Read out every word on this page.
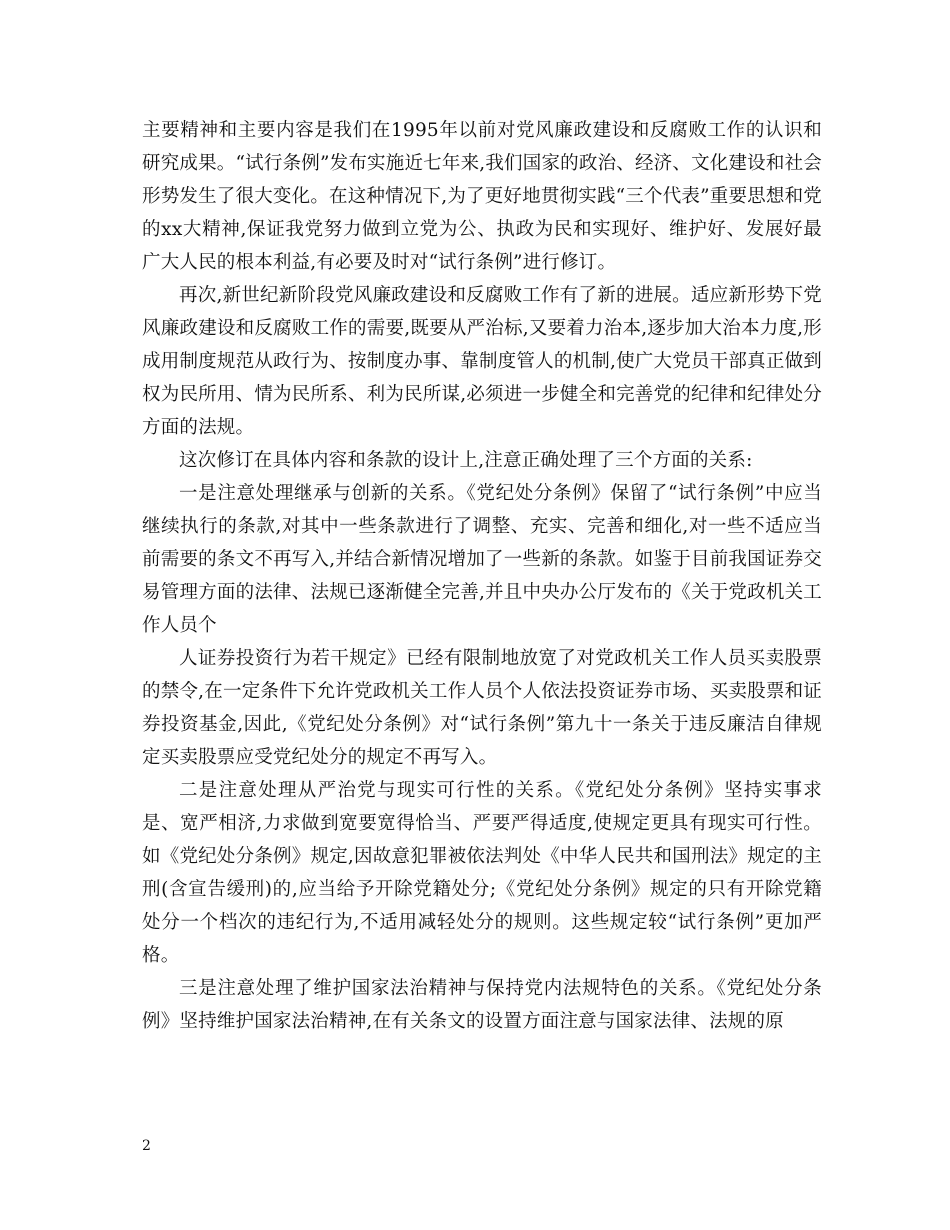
主要精神和主要内容是我们在1995年以前对党风廉政建设和反腐败工作的认识和研究成果。“试行条例”发布实施近七年来,我们国家的政治、经济、文化建设和社会形势发生了很大变化。在这种情况下,为了更好地贯彻实践“三个代表”重要思想和党的xx大精神,保证我党努力做到立党为公、执政为民和实现好、维护好、发展好最广大人民的根本利益,有必要及时对“试行条例”进行修订。

再次,新世纪新阶段党风廉政建设和反腐败工作有了新的进展。适应新形势下党风廉政建设和反腐败工作的需要,既要从严治标,又要着力治本,逐步加大治本力度,形成用制度规范从政行为、按制度办事、靠制度管人的机制,使广大党员干部真正做到权为民所用、情为民所系、利为民所谋,必须进一步健全和完善党的纪律和纪律处分方面的法规。

这次修订在具体内容和条款的设计上,注意正确处理了三个方面的关系:

一是注意处理继承与创新的关系。《党纪处分条例》保留了“试行条例”中应当继续执行的条款,对其中一些条款进行了调整、充实、完善和细化,对一些不适应当前需要的条文不再写入,并结合新情况增加了一些新的条款。如鉴于目前我国证券交易管理方面的法律、法规已逐渐健全完善,并且中央办公厅发布的《关于党政机关工作人员个

人证券投资行为若干规定》已经有限制地放宽了对党政机关工作人员买卖股票的禁令,在一定条件下允许党政机关工作人员个人依法投资证券市场、买卖股票和证券投资基金,因此,《党纪处分条例》对“试行条例”第九十一条关于违反廉洁自律规定买卖股票应受党纪处分的规定不再写入。

二是注意处理从严治党与现实可行性的关系。《党纪处分条例》坚持实事求是、宽严相济,力求做到宽要宽得恰当、严要严得适度,使规定更具有现实可行性。如《党纪处分条例》规定,因故意犯罪被依法判处《中华人民共和国刑法》规定的主刑(含宣告缓刑)的,应当给予开除党籍处分;《党纪处分条例》规定的只有开除党籍处分一个档次的违纪行为,不适用减轻处分的规则。这些规定较“试行条例”更加严格。

三是注意处理了维护国家法治精神与保持党内法规特色的关系。《党纪处分条例》坚持维护国家法治精神,在有关条文的设置方面注意与国家法律、法规的原

2
